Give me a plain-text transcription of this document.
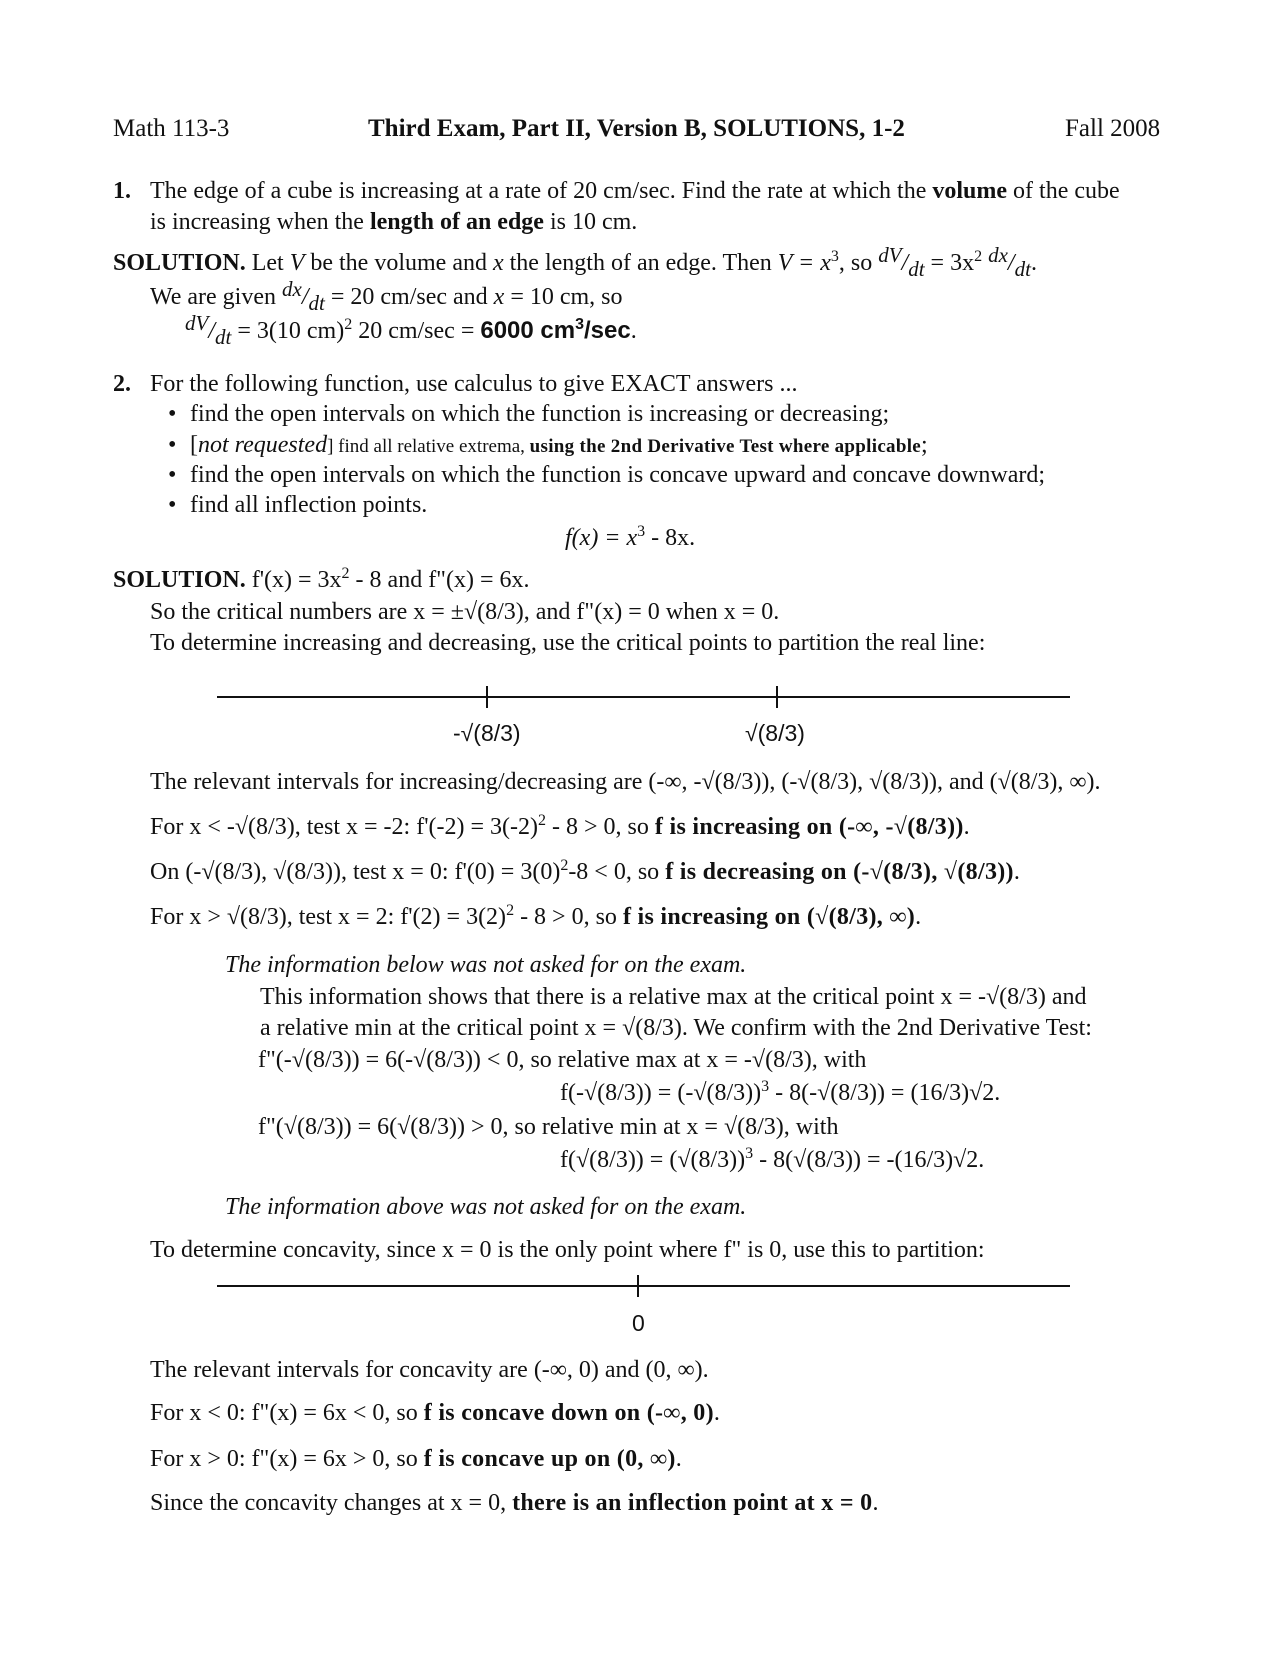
Math 113-3	Third Exam, Part II, Version B, SOLUTIONS, 1-2	Fall 2008
1. The edge of a cube is increasing at a rate of 20 cm/sec. Find the rate at which the volume of the cube
is increasing when the length of an edge is 10 cm.
SOLUTION. Let V be the volume and x the length of an edge. Then $V = x^3$, so $dV/dt = 3x^2$ dx/dt.
We are given dx/dt = 20 cm/sec and x = 10 cm, so
dV/dt = 3(10 cm)$^2$ 20 cm/sec = 6000 $cm^3/\sec$.
2. For the following function, use calculus to give EXACT answers ...
• find the open intervals on which the function is increasing or decreasing;
• [not requested] find all relative extrema, using the 2nd Derivative Test where applicable;
• find the open intervals on which the function is concave upward and concave downward;
• find all inflection points.
$f(x) = x^3 - 8x$.
SOLUTION. $f'(x) = 3x^2 - 8$ and f"(x) = 6x.
So the critical numbers are x = ±√(8/3), and f"(x) = 0 when x = 0.
To determine increasing and decreasing, use the critical points to partition the real line:
-√(8/3)	√(8/3)
The relevant intervals for increasing/decreasing are (-∞, -√(8/3)), (-√(8/3), √(8/3)), and (√(8/3), ∞).
For x < -√(8/3), test x = -2: $f'(-2) = 3(-2)^2 - 8 > 0$, so f is increasing on (-∞, -√(8/3)).
On (-√(8/3), √(8/3)), test x = 0: $f'(0) = 3(0)^2-8 < 0$, so f is decreasing on (-√(8/3), √(8/3)).
For x > √(8/3), test x = 2: $f'(2) = 3(2)^2 - 8 > 0$, so f is increasing on (√(8/3), ∞).
The information below was not asked for on the exam.
This information shows that there is a relative max at the critical point x = -√(8/3) and
a relative min at the critical point x = √(8/3). We confirm with the 2nd Derivative Test:
f"(-√(8/3)) = 6(-√(8/3)) < 0, so relative max at x = -√(8/3), with
$f(-√(8/3)) = (-√(8/3))^3 - 8(-√(8/3)) = (16/3)√2$.
f"(√(8/3)) = 6(√(8/3)) > 0, so relative min at x = √(8/3), with
$f(√(8/3)) = (√(8/3))^3 - 8(√(8/3)) = -(16/3)√2$.
The information above was not asked for on the exam.
To determine concavity, since x = 0 is the only point where f" is 0, use this to partition:
0
The relevant intervals for concavity are (-∞, 0) and (0, ∞).
For x < 0: f"(x) = 6x < 0, so f is concave down on (-∞, 0).
For x > 0: f"(x) = 6x > 0, so f is concave up on (0, ∞).
Since the concavity changes at x = 0, there is an inflection point at x = 0.
